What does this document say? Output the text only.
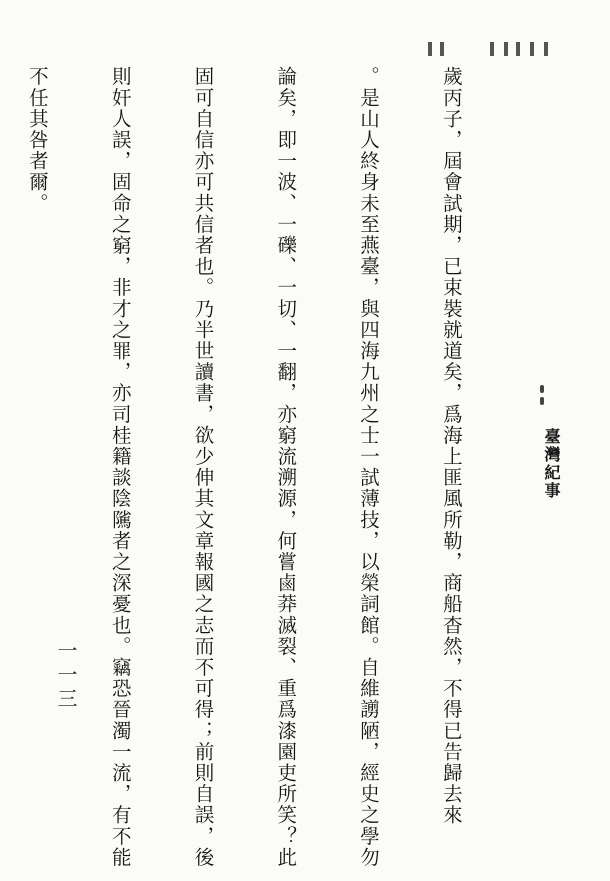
臺灣紀事

歲丙子，屆會試期，已束裝就道矣，爲海上匪風所勒，商船杳然，不得已告歸去來

。是山人終身未至燕臺，與四海九州之士一試薄技，以榮詞館。自維謭陋，經史之學勿

論矣，即一波、一礫、一切、一翻，亦窮流溯源，何嘗鹵莽滅裂、重爲漆園吏所笑？此

固可自信亦可共信者也。乃半世讀書，欲少伸其文章報國之志而不可得；前則自誤，後

則奸人誤，固命之窮，非才之罪，亦司桂籍談陰隲者之深憂也。竊恐晉濁一流，有不能

不任其咎者爾。

一一三
